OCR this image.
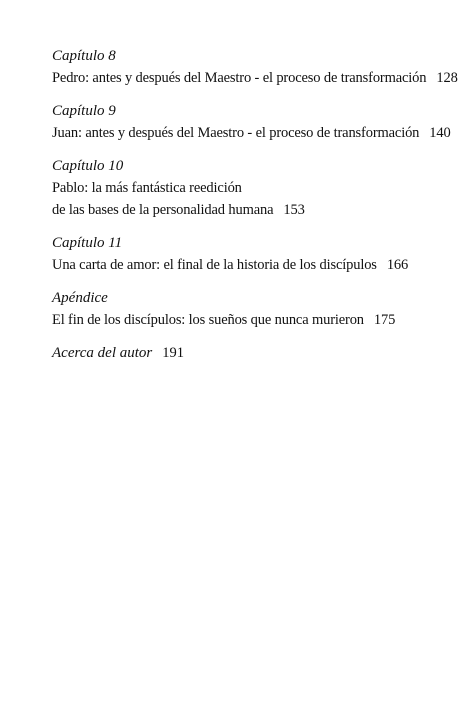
Capítulo 8
Pedro: antes y después del Maestro - el proceso de transformación 128
Capítulo 9
Juan: antes y después del Maestro - el proceso de transformación 140
Capítulo 10
Pablo: la más fantástica reedición
de las bases de la personalidad humana 153
Capítulo 11
Una carta de amor: el final de la historia de los discípulos 166
Apéndice
El fin de los discípulos: los sueños que nunca murieron 175
Acerca del autor 191
